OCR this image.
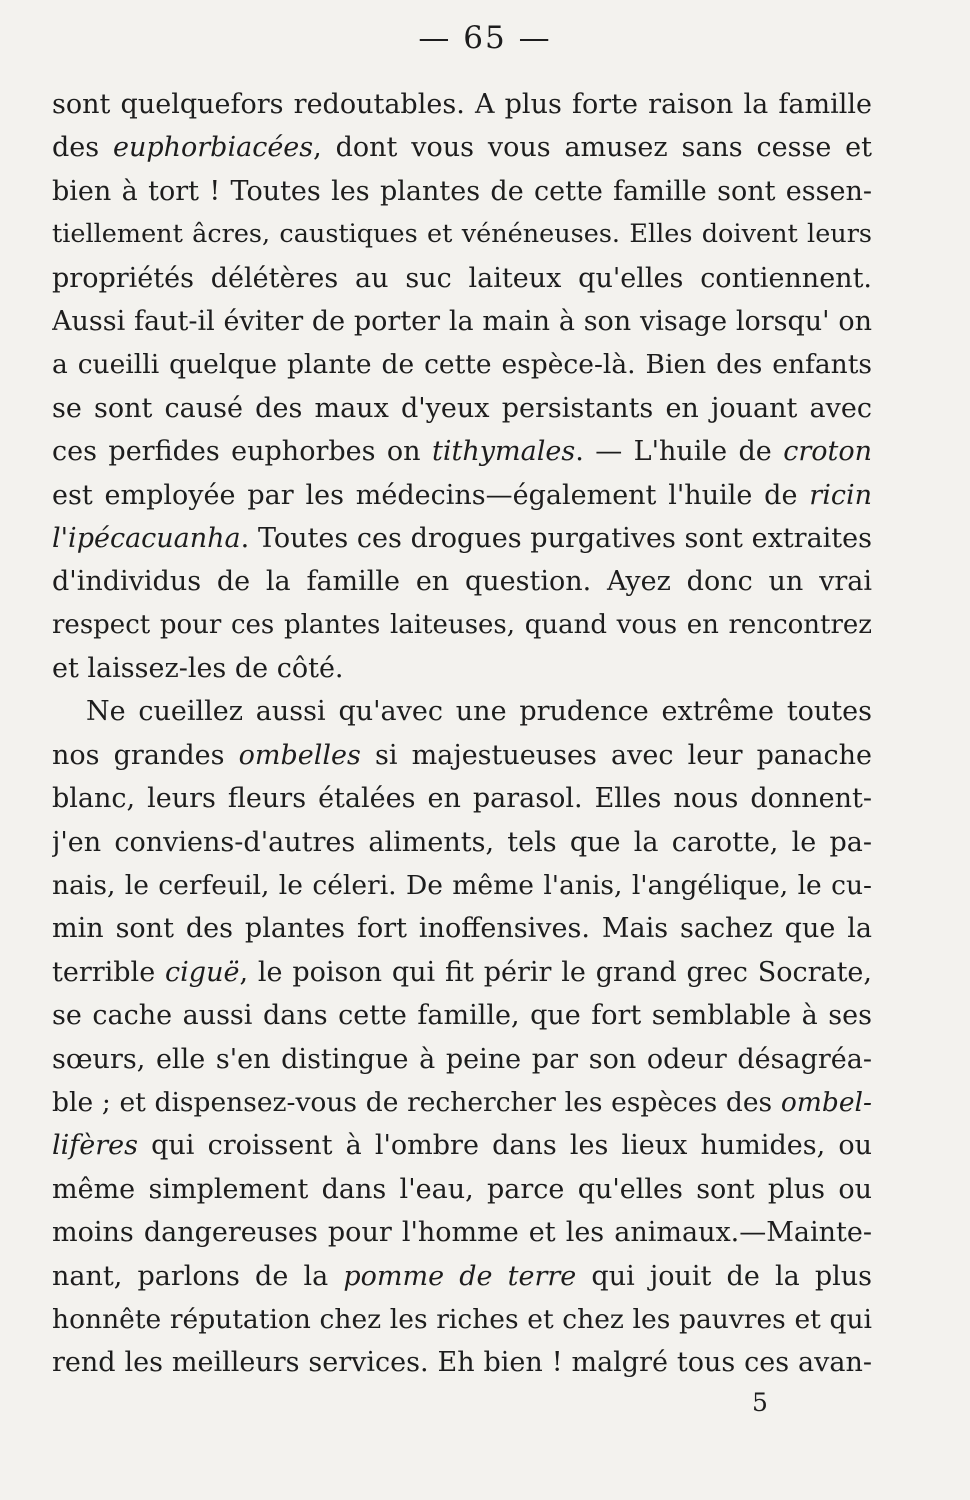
— 65 —
sont quelquefors redoutables. A plus forte raison la famille
des euphorbiacées, dont vous vous amusez sans cesse et
bien à tort ! Toutes les plantes de cette famille sont essen-
tiellement âcres, caustiques et vénéneuses. Elles doivent leurs
propriétés délétères au suc laiteux qu'elles contiennent.
Aussi faut-il éviter de porter la main à son visage lorsqu' on
a cueilli quelque plante de cette espèce-là. Bien des enfants
se sont causé des maux d'yeux persistants en jouant avec
ces perfides euphorbes on tithymales. — L'huile de croton
est employée par les médecins—également l'huile de ricin
l'ipécacuanha. Toutes ces drogues purgatives sont extraites
d'individus de la famille en question. Ayez donc un vrai
respect pour ces plantes laiteuses, quand vous en rencontrez
et laissez-les de côté.
Ne cueillez aussi qu'avec une prudence extrême toutes
nos grandes ombelles si majestueuses avec leur panache
blanc, leurs fleurs étalées en parasol. Elles nous donnent-
j'en conviens-d'autres aliments, tels que la carotte, le pa-
nais, le cerfeuil, le céleri. De même l'anis, l'angélique, le cu-
min sont des plantes fort inoffensives. Mais sachez que la
terrible ciguë, le poison qui fit périr le grand grec Socrate,
se cache aussi dans cette famille, que fort semblable à ses
sœurs, elle s'en distingue à peine par son odeur désagréa-
ble ; et dispensez-vous de rechercher les espèces des ombel-
lifères qui croissent à l'ombre dans les lieux humides, ou
même simplement dans l'eau, parce qu'elles sont plus ou
moins dangereuses pour l'homme et les animaux.—Mainte-
nant, parlons de la pomme de terre qui jouit de la plus
honnête réputation chez les riches et chez les pauvres et qui
rend les meilleurs services. Eh bien ! malgré tous ces avan-
5
